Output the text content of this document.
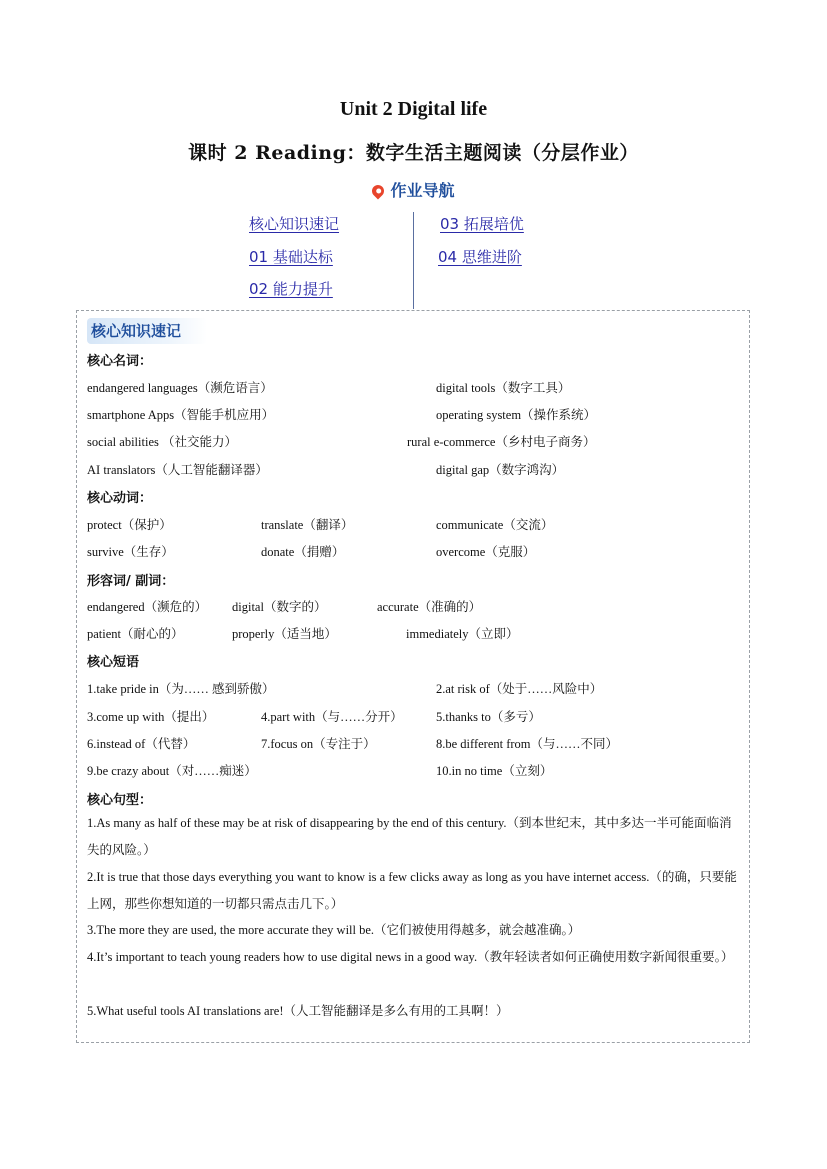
Unit 2 Digital life
课时 2 Reading：数字生活主题阅读（分层作业）
作业导航
核心知识速记
01 基础达标
02 能力提升
03 拓展培优
04 思维进阶
核心知识速记
核心名词：
endangered languages（濒危语言）	digital tools（数字工具）
smartphone Apps（智能手机应用）	operating system（操作系统）
social abilities （社交能力）	rural e-commerce（乡村电子商务）
AI translators（人工智能翻译器）	digital gap（数字鸿沟）
核心动词：
protect（保护）	translate（翻译）	communicate（交流）
survive（生存）	donate（捐赠）	overcome（克服）
形容词/ 副词：
endangered（濒危的） digital（数字的）	accurate（准确的）
patient（耐心的）	properly（适当地）	immediately（立即）
核心短语
1.take pride in（为…… 感到骄傲）	2.at risk of（处于……风险中）
3.come up with（提出）	4.part with（与……分开）	5.thanks to（多亏）
6.instead of（代替）	7.focus on（专注于）	8.be different from（与……不同）
9.be crazy about（对……痴迷）	10.in no time（立刻）
核心句型：
1.As many as half of these may be at risk of disappearing by the end of this century.（到本世纪末，其中多达一半可能面临消失的风险。）
2.It is true that those days everything you want to know is a few clicks away as long as you have internet access.（的确，只要能上网，那些你想知道的一切都只需点击几下。）
3.The more they are used, the more accurate they will be.（它们被使用得越多，就会越准确。）
4.It’s important to teach young readers how to use digital news in a good way.（教年轻读者如何正确使用数字新闻很重要。）
5.What useful tools AI translations are!（人工智能翻译是多么有用的工具啊！）
